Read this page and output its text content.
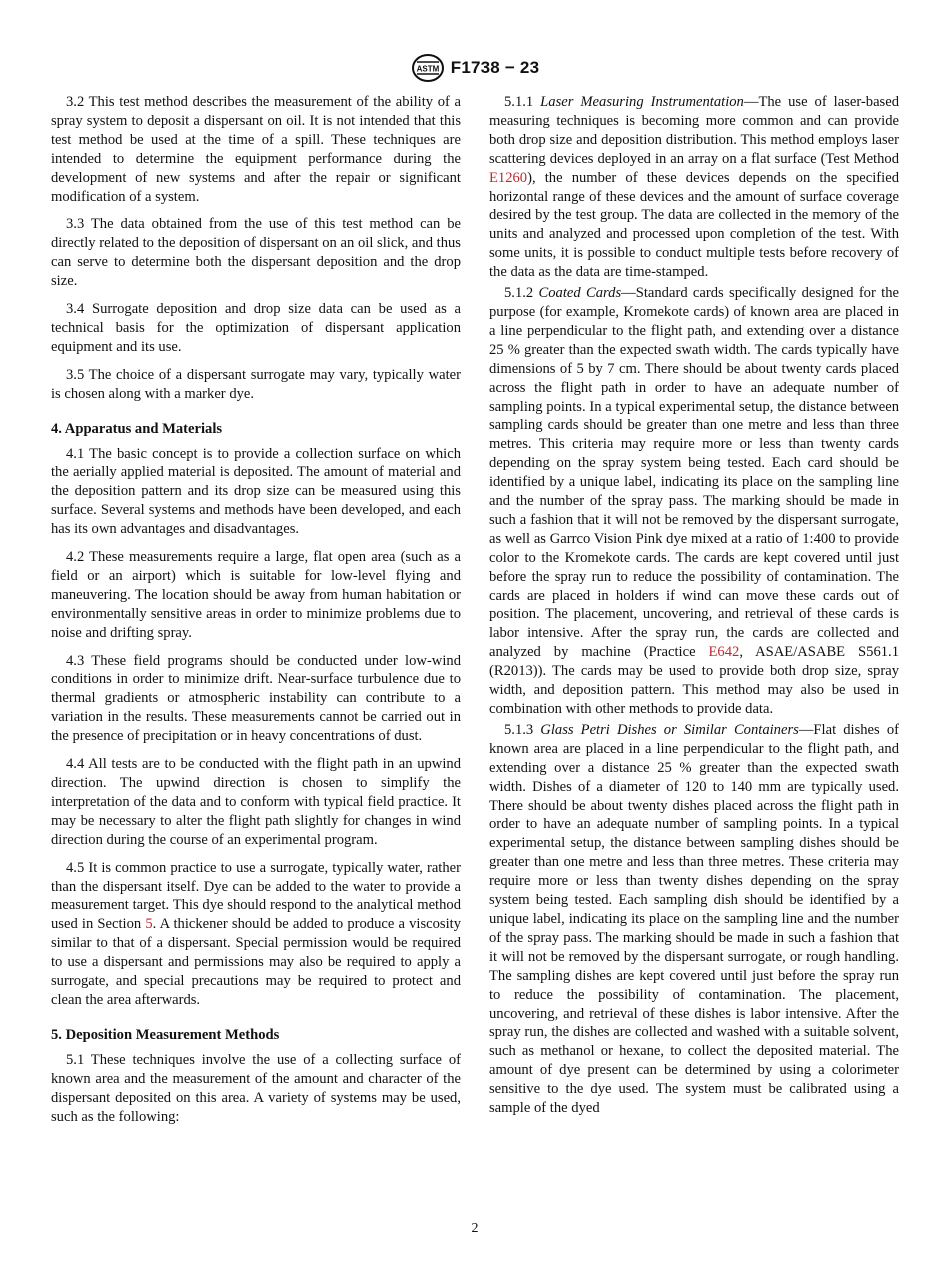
ASTM F1738 − 23

3.2 This test method describes the measurement of the ability of a spray system to deposit a dispersant on oil. It is not intended that this test method be used at the time of a spill. These techniques are intended to determine the equipment performance during the development of new systems and after the repair or significant modification of a system.

3.3 The data obtained from the use of this test method can be directly related to the deposition of dispersant on an oil slick, and thus can serve to determine both the dispersant deposition and the drop size.

3.4 Surrogate deposition and drop size data can be used as a technical basis for the optimization of dispersant application equipment and its use.

3.5 The choice of a dispersant surrogate may vary, typically water is chosen along with a marker dye.

4. Apparatus and Materials

4.1 The basic concept is to provide a collection surface on which the aerially applied material is deposited. The amount of material and the deposition pattern and its drop size can be measured using this surface. Several systems and methods have been developed, and each has its own advantages and disadvantages.

4.2 These measurements require a large, flat open area (such as a field or an airport) which is suitable for low-level flying and maneuvering. The location should be away from human habitation or environmentally sensitive areas in order to minimize problems due to noise and drifting spray.

4.3 These field programs should be conducted under low-wind conditions in order to minimize drift. Near-surface turbulence due to thermal gradients or atmospheric instability can contribute to a variation in the results. These measurements cannot be carried out in the presence of precipitation or in heavy concentrations of dust.

4.4 All tests are to be conducted with the flight path in an upwind direction. The upwind direction is chosen to simplify the interpretation of the data and to conform with typical field practice. It may be necessary to alter the flight path slightly for changes in wind direction during the course of an experimental program.

4.5 It is common practice to use a surrogate, typically water, rather than the dispersant itself. Dye can be added to the water to provide a measurement target. This dye should respond to the analytical method used in Section 5. A thickener should be added to produce a viscosity similar to that of a dispersant. Special permission would be required to use a dispersant and permissions may also be required to apply a surrogate, and special precautions may be required to protect and clean the area afterwards.

5. Deposition Measurement Methods

5.1 These techniques involve the use of a collecting surface of known area and the measurement of the amount and character of the dispersant deposited on this area. A variety of systems may be used, such as the following:

5.1.1 Laser Measuring Instrumentation—The use of laser-based measuring techniques is becoming more common and can provide both drop size and deposition distribution. This method employs laser scattering devices deployed in an array on a flat surface (Test Method E1260), the number of these devices depends on the specified horizontal range of these devices and the amount of surface coverage desired by the test group. The data are collected in the memory of the units and analyzed and processed upon completion of the test. With some units, it is possible to conduct multiple tests before recovery of the data as the data are time-stamped.

5.1.2 Coated Cards—Standard cards specifically designed for the purpose (for example, Kromekote cards) of known area are placed in a line perpendicular to the flight path, and extending over a distance 25 % greater than the expected swath width. The cards typically have dimensions of 5 by 7 cm. There should be about twenty cards placed across the flight path in order to have an adequate number of sampling points. In a typical experimental setup, the distance between sampling cards should be greater than one metre and less than three metres. This criteria may require more or less than twenty cards depending on the spray system being tested. Each card should be identified by a unique label, indicating its place on the sampling line and the number of the spray pass. The marking should be made in such a fashion that it will not be removed by the dispersant surrogate, as well as Garrco Vision Pink dye mixed at a ratio of 1:400 to provide color to the Kromekote cards. The cards are kept covered until just before the spray run to reduce the possibility of contamination. The cards are placed in holders if wind can move these cards out of position. The placement, uncovering, and retrieval of these cards is labor intensive. After the spray run, the cards are collected and analyzed by machine (Practice E642, ASAE/ASABE S561.1 (R2013)). The cards may be used to provide both drop size, spray width, and deposition pattern. This method may also be used in combination with other methods to provide data.

5.1.3 Glass Petri Dishes or Similar Containers—Flat dishes of known area are placed in a line perpendicular to the flight path, and extending over a distance 25 % greater than the expected swath width. Dishes of a diameter of 120 to 140 mm are typically used. There should be about twenty dishes placed across the flight path in order to have an adequate number of sampling points. In a typical experimental setup, the distance between sampling dishes should be greater than one metre and less than three metres. These criteria may require more or less than twenty dishes depending on the spray system being tested. Each sampling dish should be identified by a unique label, indicating its place on the sampling line and the number of the spray pass. The marking should be made in such a fashion that it will not be removed by the dispersant surrogate, or rough handling. The sampling dishes are kept covered until just before the spray run to reduce the possibility of contamination. The placement, uncovering, and retrieval of these dishes is labor intensive. After the spray run, the dishes are collected and washed with a suitable solvent, such as methanol or hexane, to collect the deposited material. The amount of dye present can be determined by using a colorimeter sensitive to the dye used. The system must be calibrated using a sample of the dyed

2
